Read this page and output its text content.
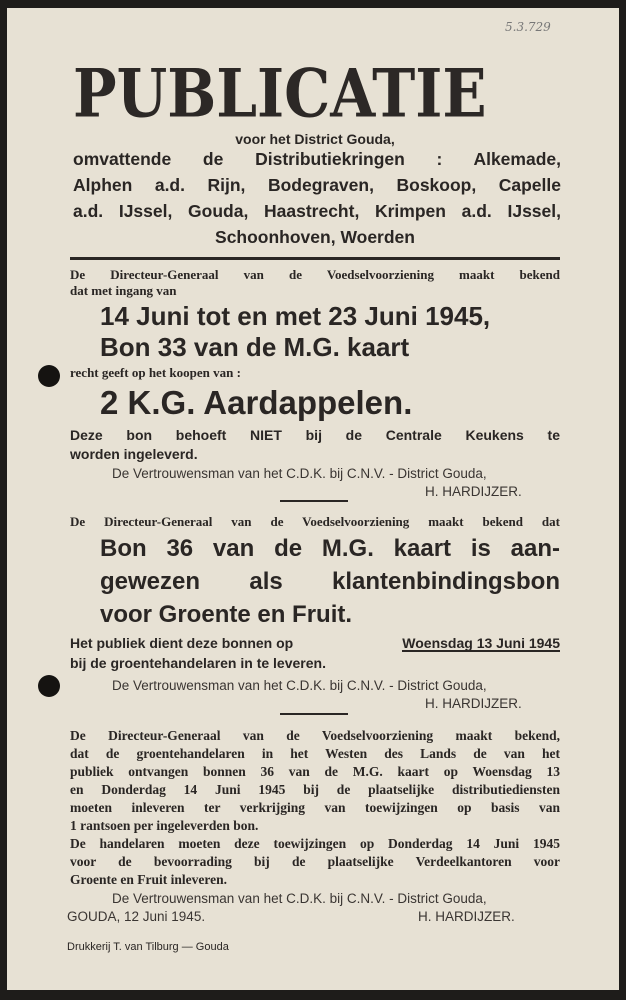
5.3.729
PUBLICATIE
voor het District Gouda,
omvattende de Distributiekringen : Alkemade,
Alphen a.d. Rijn, Bodegraven, Boskoop, Capelle
a.d. IJssel, Gouda, Haastrecht, Krimpen a.d. IJssel,
Schoonhoven, Woerden
De Directeur-Generaal van de Voedselvoorziening maakt bekend
dat met ingang van
14 Juni tot en met 23 Juni 1945,
Bon 33 van de M.G. kaart
recht geeft op het koopen van :
2 K.G. Aardappelen.
Deze bon behoeft NIET bij de Centrale Keukens te
worden ingeleverd.
De Vertrouwensman van het C.D.K. bij C.N.V. - District Gouda,
H. HARDIJZER.
De Directeur-Generaal van de Voedselvoorziening maakt bekend dat
Bon 36 van de M.G. kaart is aan-
gewezen als klantenbindingsbon
voor Groente en Fruit.
Het publiek dient deze bonnen op	Woensdag 13 Juni 1945
bij de groentehandelaren in te leveren.
De Vertrouwensman van het C.D.K. bij C.N.V. - District Gouda,
H. HARDIJZER.
De Directeur-Generaal van de Voedselvoorziening maakt bekend,
dat de groentehandelaren in het Westen des Lands de van het
publiek ontvangen bonnen 36 van de M.G. kaart op Woensdag 13
en Donderdag 14 Juni 1945 bij de plaatselijke distributiediensten
moeten inleveren ter verkrijging van toewijzingen op basis van
1 rantsoen per ingeleverden bon.
De handelaren moeten deze toewijzingen op Donderdag 14 Juni 1945
voor de bevoorrading bij de plaatselijke Verdeelkantoren voor
Groente en Fruit inleveren.
De Vertrouwensman van het C.D.K. bij C.N.V. - District Gouda,
GOUDA, 12 Juni 1945.	H. HARDIJZER.
Drukkerij T. van Tilburg — Gouda
